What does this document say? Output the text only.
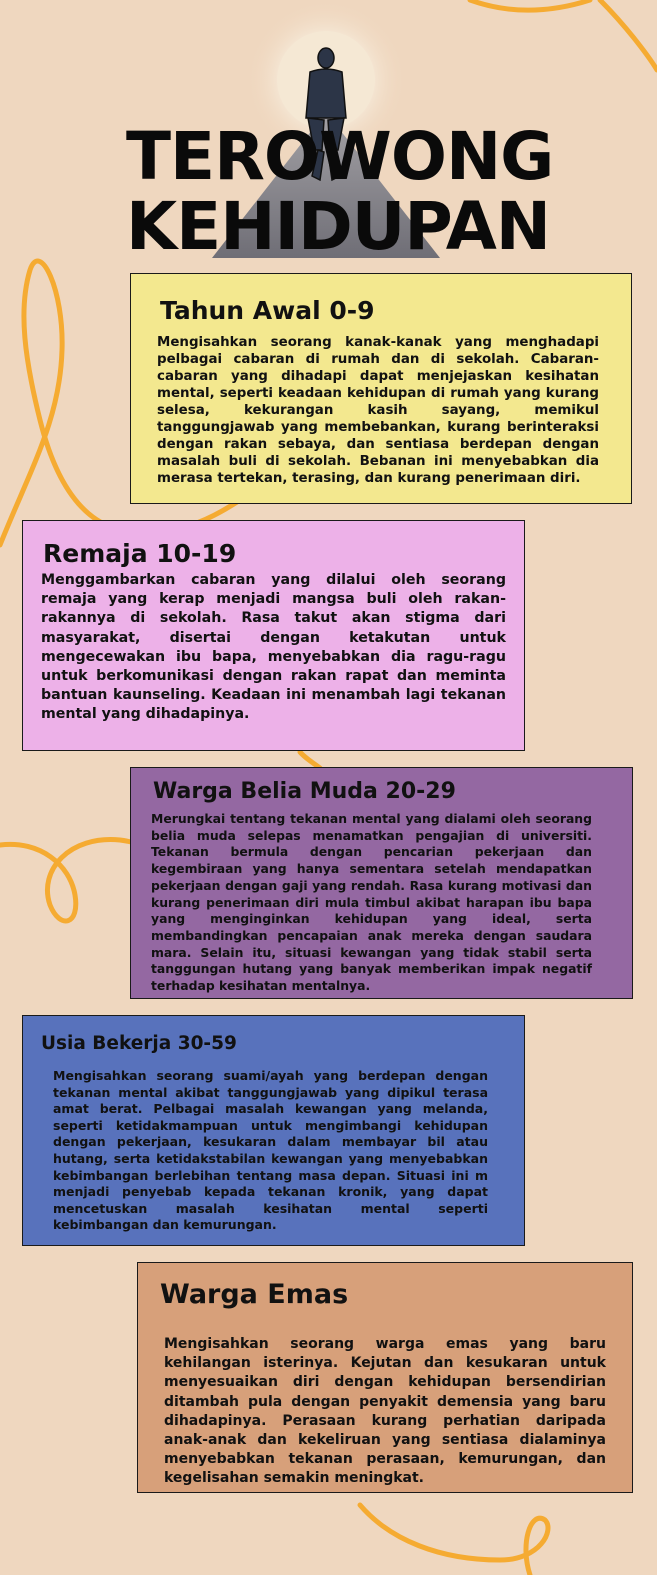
TEROWONG
KEHIDUPAN
Tahun Awal 0-9

Mengisahkan seorang kanak-kanak yang menghadapi pelbagai cabaran di rumah dan di sekolah. Cabaran-cabaran yang dihadapi dapat menjejaskan kesihatan mental, seperti keadaan kehidupan di rumah yang kurang selesa, kekurangan kasih sayang, memikul tanggungjawab yang membebankan, kurang berinteraksi dengan rakan sebaya, dan sentiasa berdepan dengan masalah buli di sekolah. Bebanan ini menyebabkan dia merasa tertekan, terasing, dan kurang penerimaan diri.

Remaja 10-19

Menggambarkan cabaran yang dilalui oleh seorang remaja yang kerap menjadi mangsa buli oleh rakan-rakannya di sekolah. Rasa takut akan stigma dari masyarakat, disertai dengan ketakutan untuk mengecewakan ibu bapa, menyebabkan dia ragu-ragu untuk berkomunikasi dengan rakan rapat dan meminta bantuan kaunseling. Keadaan ini menambah lagi tekanan mental yang dihadapinya.

Warga Belia Muda 20-29

Merungkai tentang tekanan mental yang dialami oleh seorang belia muda selepas menamatkan pengajian di universiti. Tekanan bermula dengan pencarian pekerjaan dan kegembiraan yang hanya sementara setelah mendapatkan pekerjaan dengan gaji yang rendah. Rasa kurang motivasi dan kurang penerimaan diri mula timbul akibat harapan ibu bapa yang menginginkan kehidupan yang ideal, serta membandingkan pencapaian anak mereka dengan saudara mara. Selain itu, situasi kewangan yang tidak stabil serta tanggungan hutang yang banyak memberikan impak negatif terhadap kesihatan mentalnya.

Usia Bekerja 30-59

Mengisahkan seorang suami/ayah yang berdepan dengan tekanan mental akibat tanggungjawab yang dipikul terasa amat berat. Pelbagai masalah kewangan yang melanda, seperti ketidakmampuan untuk mengimbangi kehidupan dengan pekerjaan, kesukaran dalam membayar bil atau hutang, serta ketidakstabilan kewangan yang menyebabkan kebimbangan berlebihan tentang masa depan. Situasi ini m menjadi penyebab kepada tekanan kronik, yang dapat mencetuskan masalah kesihatan mental seperti kebimbangan dan kemurungan.

Warga Emas

Mengisahkan seorang warga emas yang baru kehilangan isterinya. Kejutan dan kesukaran untuk menyesuaikan diri dengan kehidupan bersendirian ditambah pula dengan penyakit demensia yang baru dihadapinya. Perasaan kurang perhatian daripada anak-anak dan kekeliruan yang sentiasa dialaminya menyebabkan tekanan perasaan, kemurungan, dan kegelisahan semakin meningkat.
